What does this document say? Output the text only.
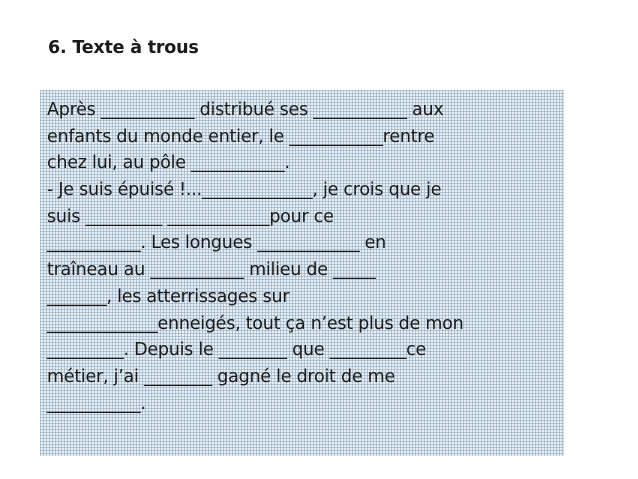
6. Texte à trous
Après ___________ distribué ses ___________ aux
enfants du monde entier, le ___________rentre
chez lui, au pôle ___________.
- Je suis épuisé !..._____________, je crois que je
suis _________ ____________pour ce
___________. Les longues ____________ en
traîneau au ___________ milieu de _____
_______, les atterrissages sur
_____________enneigés, tout ça n’est plus de mon
_________. Depuis le ________ que _________ce
métier, j’ai ________ gagné le droit de me
___________.
